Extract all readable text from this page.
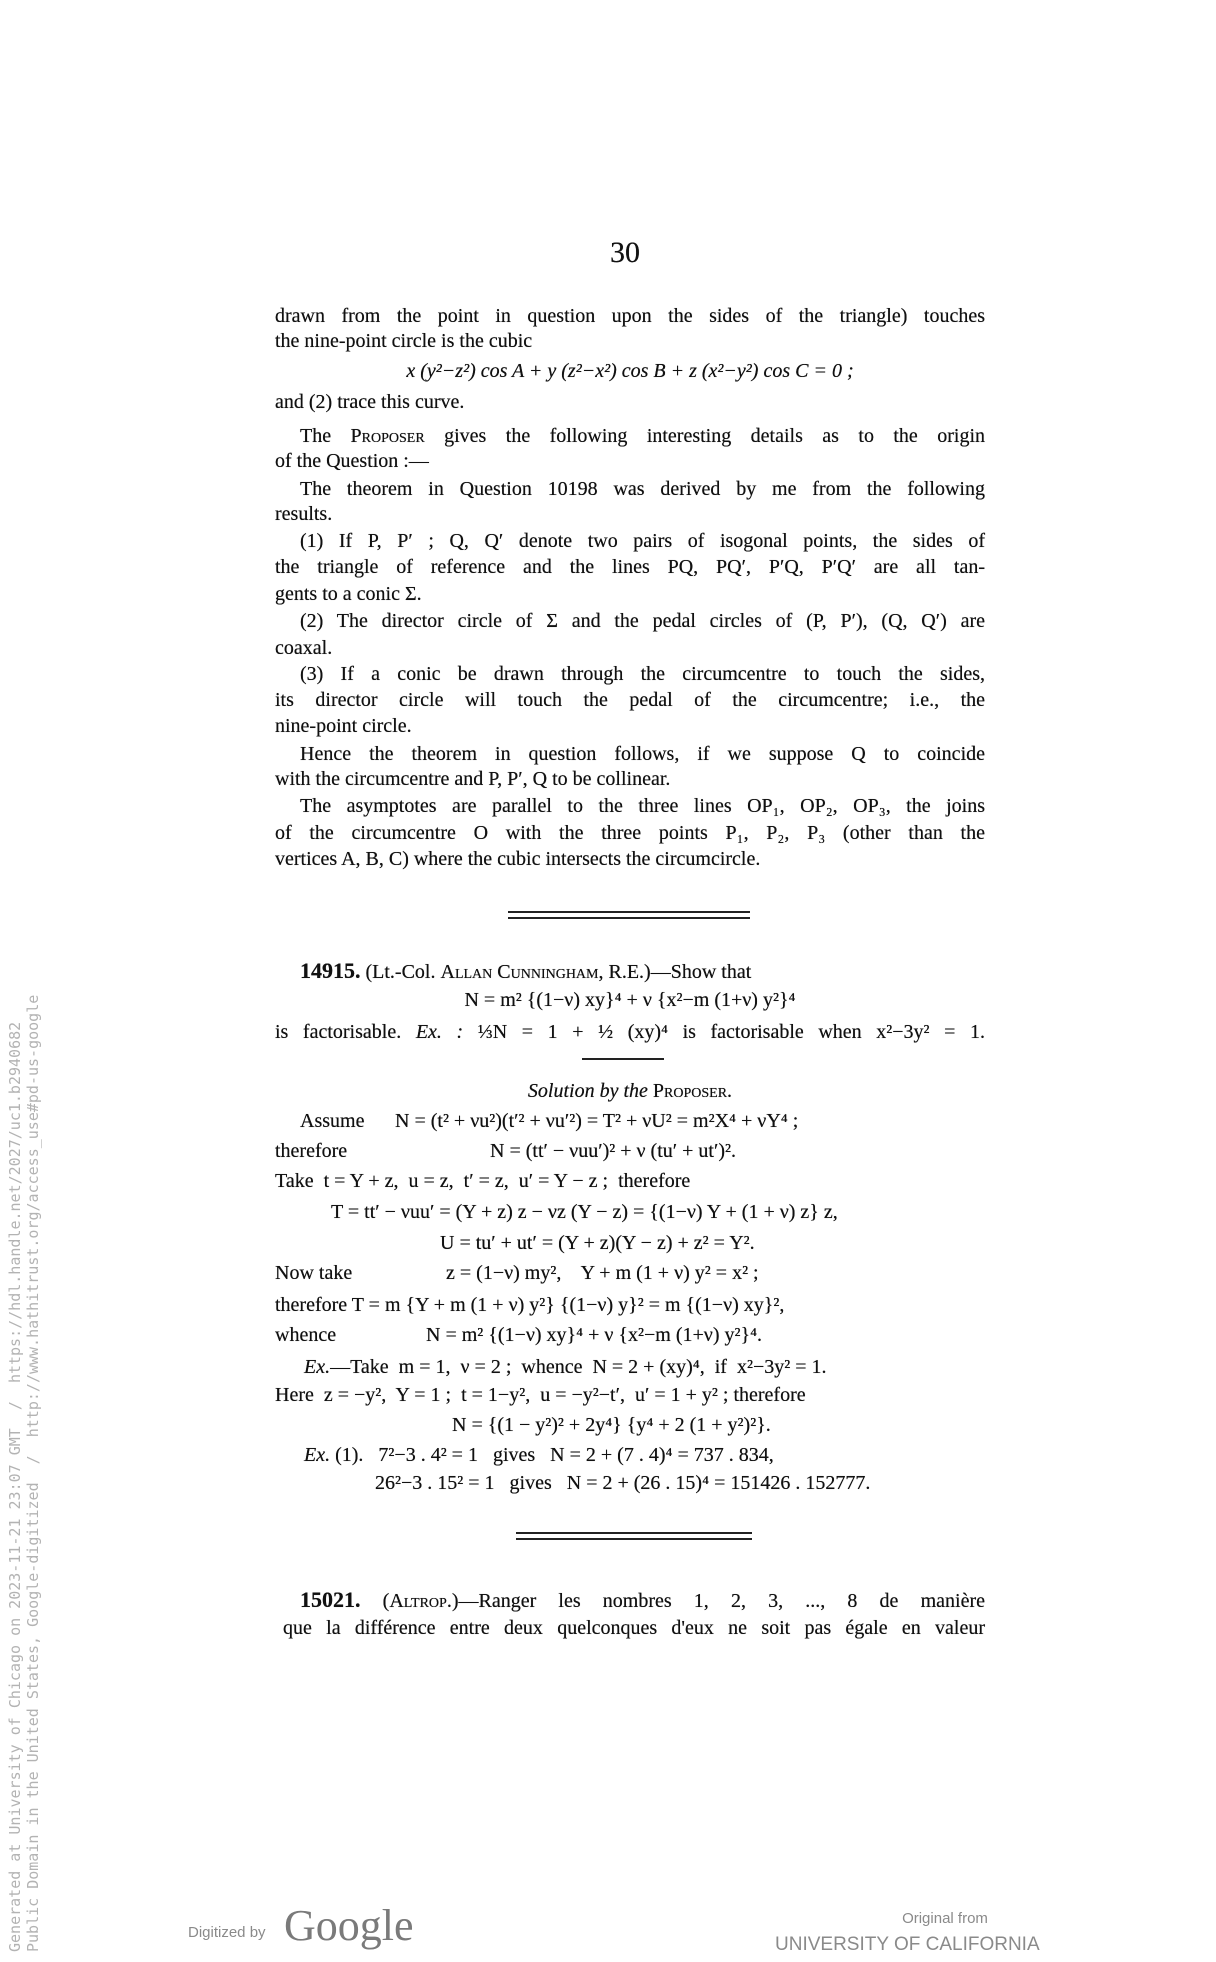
30
drawn from the point in question upon the sides of the triangle) touches
the nine-point circle is the cubic
x (y²−z²) cos A + y (z²−x²) cos B + z (x²−y²) cos C = 0 ;
and (2) trace this curve.
The Proposer gives the following interesting details as to the origin
of the Question :—
The theorem in Question 10198 was derived by me from the following
results.
(1) If P, P′ ; Q, Q′ denote two pairs of isogonal points, the sides of
the triangle of reference and the lines PQ, PQ′, P′Q, P′Q′ are all tan-
gents to a conic Σ.
(2) The director circle of Σ and the pedal circles of (P, P′), (Q, Q′) are
coaxal.
(3) If a conic be drawn through the circumcentre to touch the sides,
its director circle will touch the pedal of the circumcentre; i.e., the
nine-point circle.
Hence the theorem in question follows, if we suppose Q to coincide
with the circumcentre and P, P′, Q to be collinear.
The asymptotes are parallel to the three lines OP₁, OP₂, OP₃, the joins
of the circumcentre O with the three points P₁, P₂, P₃ (other than the
vertices A, B, C) where the cubic intersects the circumcircle.
14915. (Lt.-Col. Allan Cunningham, R.E.)—Show that
N = m² {(1−ν) xy}⁴ + ν {x²−m (1+ν) y²}⁴
is factorisable. Ex. : ⅓N = 1 + ½ (xy)⁴ is factorisable when x²−3y² = 1.
Solution by the Proposer.
Assume N = (t² + νu²)(t′² + νu′²) = T² + νU² = m²X⁴ + νY⁴ ;
therefore	N = (tt′ − νuu′)² + ν (tu′ + ut′)².
Take  t = Y + z,  u = z,  t′ = z,  u′ = Y − z ;  therefore
T = tt′ − νuu′ = (Y + z) z − νz (Y − z) = {(1−ν) Y + (1 + ν) z} z,
U = tu′ + ut′ = (Y + z)(Y − z) + z² = Y².
Now take	z = (1−ν) my²,    Y + m (1 + ν) y² = x² ;
therefore T = m {Y + m (1 + ν) y²} {(1−ν) y}² = m {(1−ν) xy}²,
whence	N = m² {(1−ν) xy}⁴ + ν {x²−m (1+ν) y²}⁴.
Ex.—Take  m = 1,  ν = 2 ;  whence  N = 2 + (xy)⁴,  if  x²−3y² = 1.
Here  z = −y²,  Y = 1 ;  t = 1−y²,  u = −y²−t′,  u′ = 1 + y² ; therefore
N = {(1 − y²)² + 2y⁴} {y⁴ + 2 (1 + y²)²}.
Ex. (1).   7²−3 . 4² = 1   gives   N = 2 + (7 . 4)⁴ = 737 . 834,
26²−3 . 15² = 1   gives   N = 2 + (26 . 15)⁴ = 151426 . 152777.
15021. (Altrop.)—Ranger les nombres 1, 2, 3, ..., 8 de manière
que la différence entre deux quelconques d'eux ne soit pas égale en valeur
Generated at University of Chicago on 2023-11-21 23:07 GMT  /  https://hdl.handle.net/2027/uc1.b2940682 Public Domain in the United States, Google-digitized  /  http://www.hathitrust.org/access_use#pd-us-google	Digitized by Google	Original from
UNIVERSITY OF CALIFORNIA
